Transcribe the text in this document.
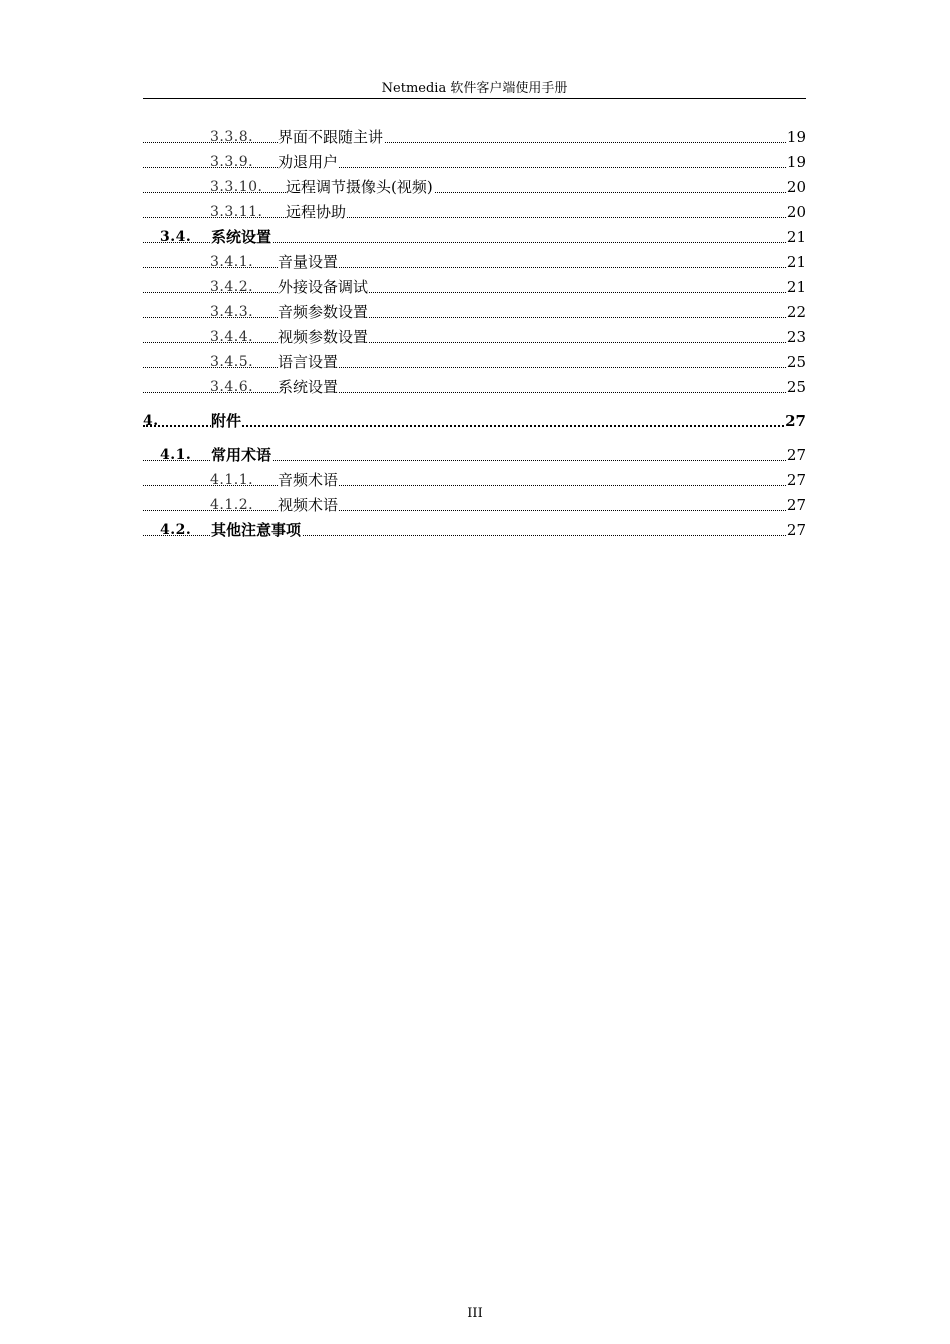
Netmedia 软件客户端使用手册
3.3.8. 界面不跟随主讲	19
3.3.9. 劝退用户	19
3.3.10. 远程调节摄像头(视频)	20
3.3.11. 远程协助	20
3.4. 系统设置	21
3.4.1. 音量设置	21
3.4.2. 外接设备调试	21
3.4.3. 音频参数设置	22
3.4.4. 视频参数设置	23
3.4.5. 语言设置	25
3.4.6. 系统设置	25
4.	附件	27
4.1. 常用术语	27
4.1.1. 音频术语	27
4.1.2. 视频术语	27
4.2. 其他注意事项	27
III
